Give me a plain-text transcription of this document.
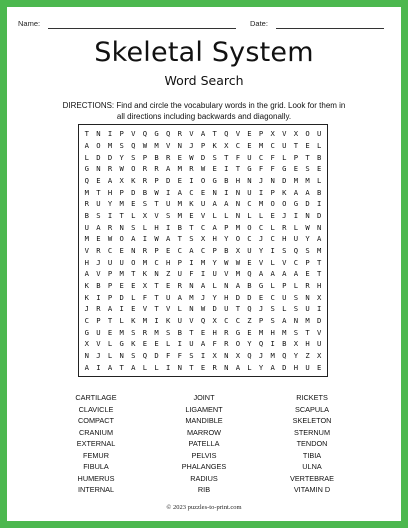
Name:	Date:
Skeletal System
Word Search
DIRECTIONS: Find and circle the vocabulary words in the grid. Look for them in all directions including backwards and diagonally.
T	N	I	P	V	Q	G	Q	R	V	A	T	Q	V	E	P	X	V	X	O	U
A	O	M	S	Q	W	M	V	N	J	P	K	X	C	E	M	C	U	T	E	L
L	D	D	Y	S	P	B	R	E	W	D	S	T	F	U	C	F	L	P	T	B
G	N	R	W	O	R	R	A	M	R	W	E	I	T	G	F	F	G	E	S	E
Q	E	A	X	K	R	P	D	E	I	O	G	B	H	N	J	N	D	M	M	L
M	T	H	P	D	B	W	I	A	C	E	N	I	N	U	I	P	K	A	A	B
R	U	Y	M	E	S	T	U	M	K	U	A	A	N	C	M	O	O	G	D	I
B	S	I	T	L	X	V	S	M	E	V	L	L	N	L	L	E	J	I	N	D
U	A	R	N	S	L	H	I	B	T	C	A	P	M	O	C	L	R	L	W	N
M	E	W	O	A	I	W	A	T	S	X	H	Y	O	C	J	C	H	U	Y	A
V	R	C	E	N	R	P	E	C	A	C	P	B	X	U	Y	I	S	Q	S	M
H	J	U	U	O	M	C	H	P	I	M	Y	W	W	E	V	L	V	C	P	T
A	V	P	M	T	K	N	Z	U	F	I	U	V	M	Q	A	A	A	A	E	T
K	B	P	E	E	X	T	E	R	N	A	L	N	A	B	G	L	P	L	R	H
K	I	P	D	L	F	T	U	A	M	J	Y	H	D	D	E	C	U	S	N	X
J	R	A	I	E	V	T	V	L	N	W	D	U	T	Q	J	S	L	S	U	I
C	P	T	L	K	M	I	K	U	V	Q	X	C	C	Z	P	S	A	N	M	D
G	U	E	M	S	R	M	S	B	T	E	H	R	G	E	M	H	M	S	T	V
X	V	L	G	K	E	E	L	I	U	A	F	R	O	Y	Q	I	B	X	H	U
N	J	L	N	S	Q	D	F	F	S	I	X	N	X	Q	J	M	Q	Y	Z	X
A	I	A	T	A	L	L	I	N	T	E	R	N	A	L	Y	A	D	H	U	E
CARTILAGE
CLAVICLE
COMPACT
CRANIUM
EXTERNAL
FEMUR
FIBULA
HUMERUS
INTERNAL
JOINT
LIGAMENT
MANDIBLE
MARROW
PATELLA
PELVIS
PHALANGES
RADIUS
RIB
RICKETS
SCAPULA
SKELETON
STERNUM
TENDON
TIBIA
ULNA
VERTEBRAE
VITAMIN D
© 2023 puzzles-to-print.com
